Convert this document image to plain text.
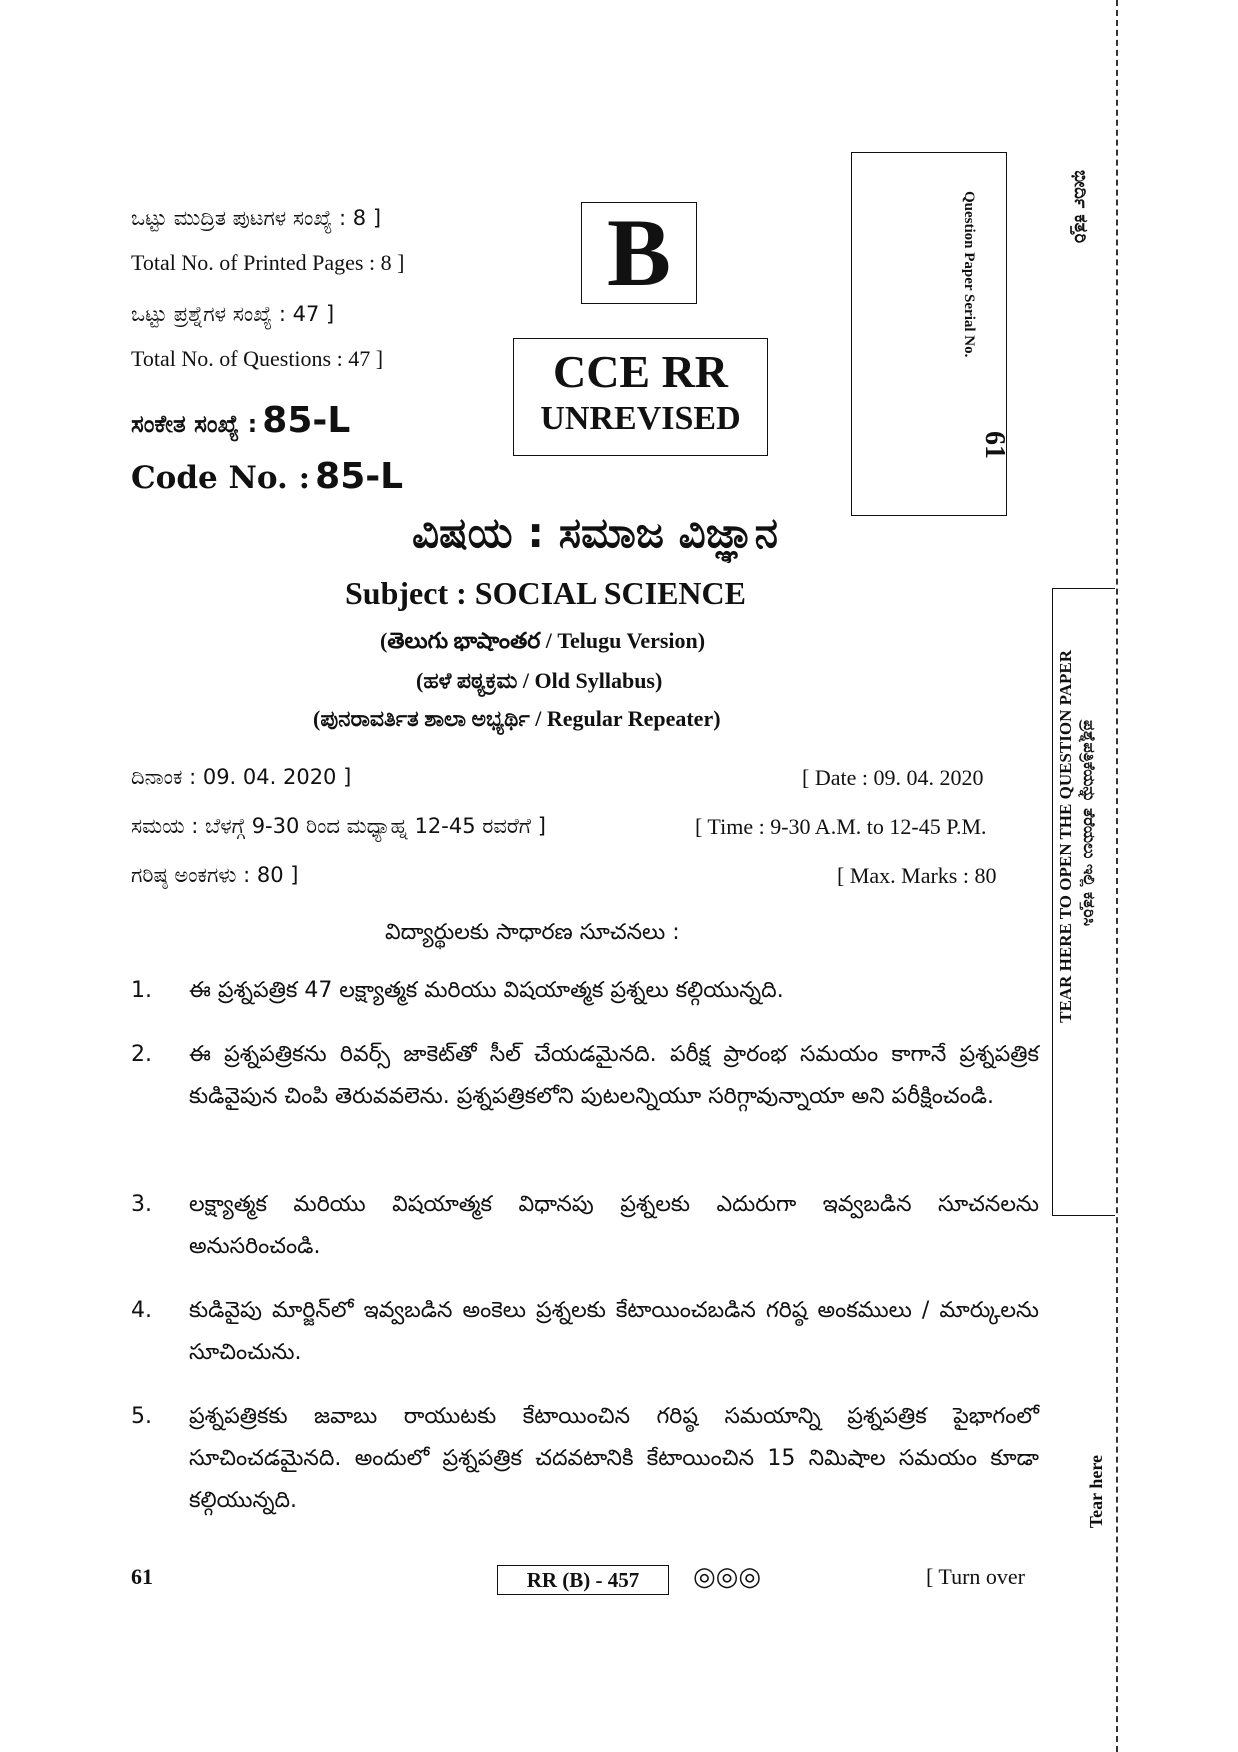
ಒಟ್ಟು ಮುದ್ರಿತ ಪುಟಗಳ ಸಂಖ್ಯೆ : 8 ]
Total No. of Printed Pages : 8 ]
ಒಟ್ಟು ಪ್ರಶ್ನೆಗಳ ಸಂಖ್ಯೆ : 47 ]
Total No. of Questions : 47 ]
ಸಂಕೇತ ಸಂಖ್ಯೆ : 85-L
Code No. : 85-L
B
CCE RR
UNREVISED
Question Paper Serial No.
61
ಭೀರ್ದಿ ಕತ್ತರಿ
TEAR HERE TO OPEN THE QUESTION PAPER ಪ್ರಶ್ನೆಪತ್ರಿಕೆಯನ್ನು ತೆರೆಯಲು ಇಲ್ಲಿ ಕತ್ತರಿಸಿ
Tear here
ವಿಷಯ : ಸಮಾಜ ವಿಜ್ಞಾನ
Subject : SOCIAL SCIENCE
(తెలుగు భాషాంతర / Telugu Version)
(ಹಳೆ ಪಠ್ಯಕ್ರಮ / Old Syllabus)
(ಪುನರಾವರ್ತಿತ ಶಾಲಾ ಅಭ್ಯರ್ಥಿ / Regular Repeater)
ದಿನಾಂಕ : 09. 04. 2020 ]	[ Date : 09. 04. 2020
ಸಮಯ : ಬೆಳಗ್ಗೆ 9-30 ರಿಂದ ಮಧ್ಯಾಹ್ನ 12-45 ರವರೆಗೆ ]	[ Time : 9-30 A.M. to 12-45 P.M.
ಗರಿಷ್ಠ ಅಂಕಗಳು : 80 ]	[ Max. Marks : 80
విద్యార్థులకు సాధారణ సూచనలు :
1. ఈ ప్రశ్నపత్రిక 47 లక్ష్యాత్మక మరియు విషయాత్మక ప్రశ్నలు కల్గియున్నది.
2. ఈ ప్రశ్నపత్రికను రివర్స్ జాకెట్‌తో సీల్ చేయడమైనది. పరీక్ష ప్రారంభ సమయం కాగానే ప్రశ్నపత్రిక కుడివైపున చింపి తెరువవలెను. ప్రశ్నపత్రికలోని పుటలన్నియూ సరిగ్గావున్నాయా అని పరీక్షించండి.
3. లక్ష్యాత్మక మరియు విషయాత్మక విధానపు ప్రశ్నలకు ఎదురుగా ఇవ్వబడిన సూచనలను అనుసరించండి.
4. కుడివైపు మార్జిన్‌లో ఇవ్వబడిన అంకెలు ప్రశ్నలకు కేటాయించబడిన గరిష్ఠ అంకములు / మార్కులను సూచించును.
5. ప్రశ్నపత్రికకు జవాబు రాయుటకు కేటాయించిన గరిష్ఠ సమయాన్ని ప్రశ్నపత్రిక పైభాగంలో సూచించడమైనది. అందులో ప్రశ్నపత్రిక చదవటానికి కేటాయించిన 15 నిమిషాల సమయం కూడా కల్గియున్నది.
61	RR (B) - 457	◎◎◎	[ Turn over
